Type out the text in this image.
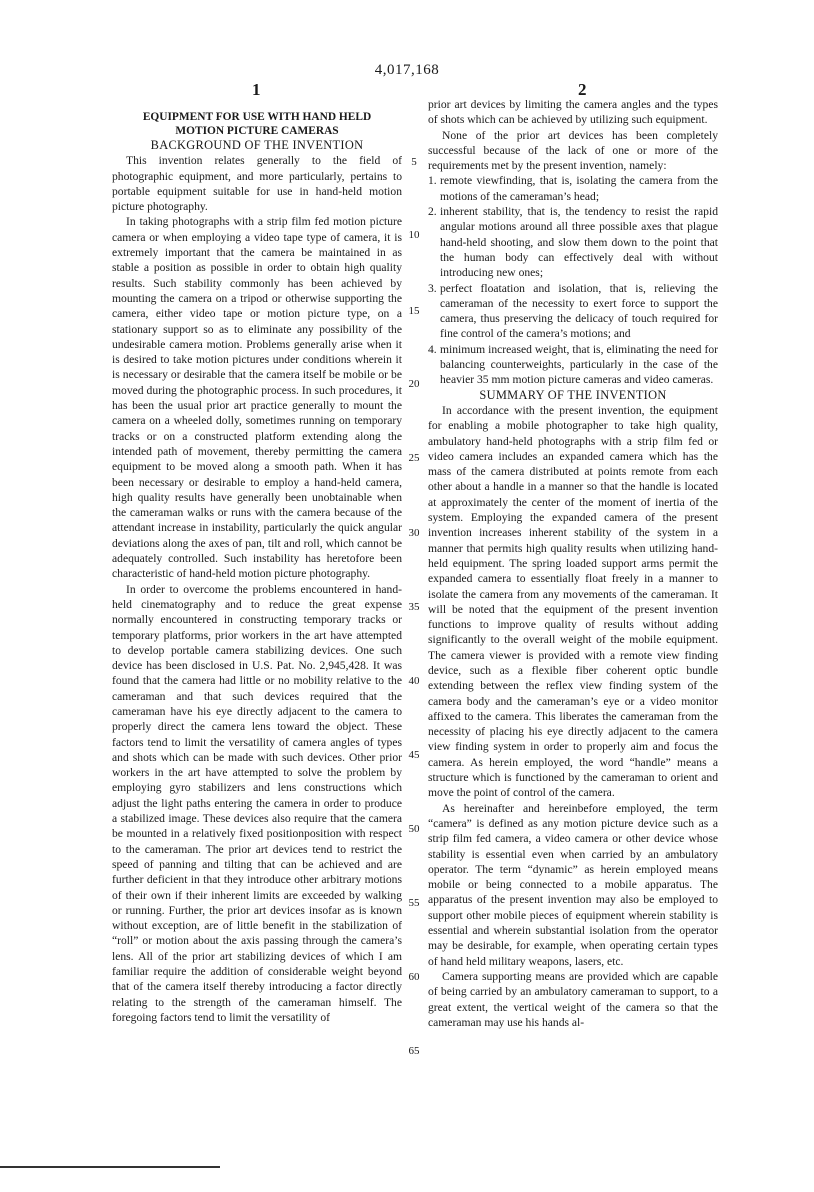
4,017,168
1	2

EQUIPMENT FOR USE WITH HAND HELD
MOTION PICTURE CAMERAS

BACKGROUND OF THE INVENTION

This invention relates generally to the field of photographic equipment, and more particularly, pertains to portable equipment suitable for use in hand-held motion picture photography.

In taking photographs with a strip film fed motion picture camera or when employing a video tape type of camera, it is extremely important that the camera be maintained in as stable a position as possible in order to obtain high quality results. Such stability commonly has been achieved by mounting the camera on a tripod or otherwise supporting the camera, either video tape or motion picture type, on a stationary support so as to eliminate any possibility of the undesirable camera motion. Problems generally arise when it is desired to take motion pictures under conditions wherein it is necessary or desirable that the camera itself be mobile or be moved during the photographic process. In such procedures, it has been the usual prior art practice generally to mount the camera on a wheeled dolly, sometimes running on temporary tracks or on a constructed platform extending along the intended path of movement, thereby permitting the camera equipment to be moved along a smooth path. When it has been necessary or desirable to employ a hand-held camera, high quality results have generally been unobtainable when the cameraman walks or runs with the camera because of the attendant increase in instability, particularly the quick angular deviations along the axes of pan, tilt and roll, which cannot be adequately controlled. Such instability has heretofore been characteristic of hand-held motion picture photography.

In order to overcome the problems encountered in hand-held cinematography and to reduce the great expense normally encountered in constructing temporary tracks or temporary platforms, prior workers in the art have attempted to develop portable camera stabilizing devices. One such device has been disclosed in U.S. Pat. No. 2,945,428. It was found that the camera had little or no mobility relative to the cameraman and that such devices required that the cameraman have his eye directly adjacent to the camera to properly direct the camera lens toward the object. These factors tend to limit the versatility of camera angles of types and shots which can be made with such devices. Other prior workers in the art have attempted to solve the problem by employing gyro stabilizers and lens constructions which adjust the light paths entering the camera in order to produce a stabilized image. These devices also require that the camera be mounted in a relatively fixed positionposition with respect to the cameraman. The prior art devices tend to restrict the speed of panning and tilting that can be achieved and are further deficient in that they introduce other arbitrary motions of their own if their inherent limits are exceeded by walking or running. Further, the prior art devices insofar as is known without exception, are of little benefit in the stabilization of “roll” or motion about the axis passing through the camera’s lens. All of the prior art stabilizing devices of which I am familiar require the addition of considerable weight beyond that of the camera itself thereby introducing a factor directly relating to the strength of the cameraman himself. The foregoing factors tend to limit the versatility of

prior art devices by limiting the camera angles and the types of shots which can be achieved by utilizing such equipment.

None of the prior art devices has been completely successful because of the lack of one or more of the requirements met by the present invention, namely:

1. remote viewfinding, that is, isolating the camera from the motions of the cameraman’s head;
2. inherent stability, that is, the tendency to resist the rapid angular motions around all three possible axes that plague hand-held shooting, and slow them down to the point that the human body can effectively deal with without introducing new ones;
3. perfect floatation and isolation, that is, relieving the cameraman of the necessity to exert force to support the camera, thus preserving the delicacy of touch required for fine control of the camera’s motions; and
4. minimum increased weight, that is, eliminating the need for balancing counterweights, particularly in the case of the heavier 35 mm motion picture cameras and video cameras.

SUMMARY OF THE INVENTION

In accordance with the present invention, the equipment for enabling a mobile photographer to take high quality, ambulatory hand-held photographs with a strip film fed or video camera includes an expanded camera which has the mass of the camera distributed at points remote from each other about a handle in a manner so that the handle is located at approximately the center of the moment of inertia of the system. Employing the expanded camera of the present invention increases inherent stability of the system in a manner that permits high quality results when utilizing hand-held equipment. The spring loaded support arms permit the expanded camera to essentially float freely in a manner to isolate the camera from any movements of the cameraman. It will be noted that the equipment of the present invention functions to improve quality of results without adding significantly to the overall weight of the mobile equipment. The camera viewer is provided with a remote view finding device, such as a flexible fiber coherent optic bundle extending between the reflex view finding system of the camera body and the cameraman’s eye or a video monitor affixed to the camera. This liberates the cameraman from the necessity of placing his eye directly adjacent to the camera view finding system in order to properly aim and focus the camera. As herein employed, the word “handle” means a structure which is functioned by the cameraman to orient and move the point of control of the camera.

As hereinafter and hereinbefore employed, the term “camera” is defined as any motion picture device such as a strip film fed camera, a video camera or other device whose stability is essential even when carried by an ambulatory operator. The term “dynamic” as herein employed means mobile or being connected to a mobile apparatus. The apparatus of the present invention may also be employed to support other mobile pieces of equipment wherein stability is essential and wherein substantial isolation from the operator may be desirable, for example, when operating certain types of hand held military weapons, lasers, etc.

Camera supporting means are provided which are capable of being carried by an ambulatory cameraman to support, to a great extent, the vertical weight of the camera so that the cameraman may use his hands al-

5
10
15
20
25
30
35
40
45
50
55
60
65
